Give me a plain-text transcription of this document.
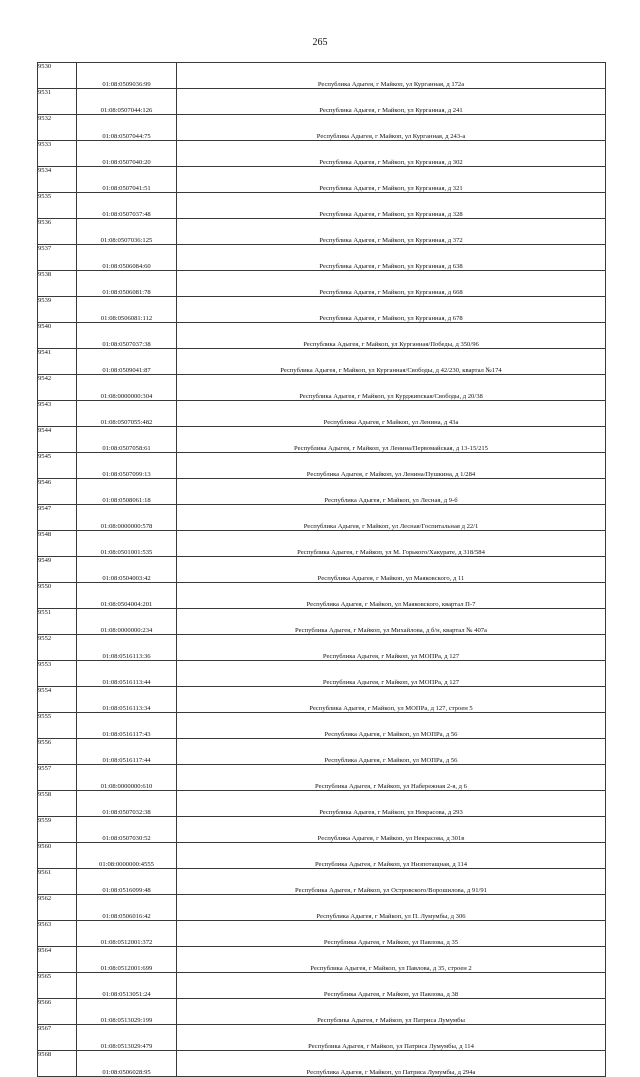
265
9530	01:08:0509036:99	Республика Адыгея, г Майкоп, ул Курганная, д 172а
9531	01:08:0507044:126	Республика Адыгея, г Майкоп, ул Курганная, д 241
9532	01:08:0507044:75	Республика Адыгея, г Майкоп, ул Курганная, д 243-а
9533	01:08:0507040:20	Республика Адыгея, г Майкоп, ул Курганная, д 302
9534	01:08:0507041:51	Республика Адыгея, г Майкоп, ул Курганная, д 321
9535	01:08:0507037:48	Республика Адыгея, г Майкоп, ул Курганная, д 328
9536	01:08:0507036:125	Республика Адыгея, г Майкоп, ул Курганная, д 372
9537	01:08:0506084:60	Республика Адыгея, г Майкоп, ул Курганная, д 638
9538	01:08:0506081:78	Республика Адыгея, г Майкоп, ул Курганная, д 668
9539	01:08:0506081:112	Республика Адыгея, г Майкоп, ул Курганная, д 678
9540	01:08:0507037:38	Республика Адыгея, г Майкоп, ул Курганная/Победы, д 350/96
9541	01:08:0509041:87	Республика Адыгея, г Майкоп, ул Курганная/Свободы, д 42/230, квартал №174
9542	01:08:0000000:304	Республика Адыгея, г Майкоп, ул Курджипская/Свободы, д 20/38
9543	01:08:0507055:482	Республика Адыгея, г Майкоп, ул Ленина, д 43а
9544	01:08:0507058:61	Республика Адыгея, г Майкоп, ул Ленина/Первомайская, д 13-15/215
9545	01:08:0507099:13	Республика Адыгея, г Майкоп, ул Ленина/Пушкина, д 1/284
9546	01:08:0508061:18	Республика Адыгея, г Майкоп, ул Лесная, д 9-б
9547	01:08:0000000:578	Республика Адыгея, г Майкоп, ул Лесная/Госпитальная д 22/1
9548	01:08:0501001:535	Республика Адыгея, г Майкоп, ул М. Горького/Хакурате, д 318/584
9549	01:08:0504003:42	Республика Адыгея, г Майкоп, ул Маяковского, д 11
9550	01:08:0504004:201	Республика Адыгея, г Майкоп, ул Маяковского, квартал П-7
9551	01:08:0000000:234	Республика Адыгея, г Майкоп, ул Михайлова, д б/н, квартал № 407а
9552	01:08:0516113:36	Республика Адыгея, г Майкоп, ул МОПРа, д 127
9553	01:08:0516113:44	Республика Адыгея, г Майкоп, ул МОПРа, д 127
9554	01:08:0516113:34	Республика Адыгея, г Майкоп, ул МОПРа, д 127, строен 5
9555	01:08:0516117:43	Республика Адыгея, г Майкоп, ул МОПРа, д 56
9556	01:08:0516117:44	Республика Адыгея, г Майкоп, ул МОПРа, д 56
9557	01:08:0000000:610	Республика Адыгея, г Майкоп, ул Набережная 2-я, д 6
9558	01:08:0507032:38	Республика Адыгея, г Майкоп, ул Некрасова, д 293
9559	01:08:0507030:52	Республика Адыгея, г Майкоп, ул Некрасова, д 301в
9560	01:08:0000000:4555	Республика Адыгея, г Майкоп, ул Низпотащная, д 114
9561	01:08:0516099:48	Республика Адыгея, г Майкоп, ул Островского/Ворошилова, д 91/91
9562	01:08:0506016:42	Республика Адыгея, г Майкоп, ул П. Лумумбы, д 306
9563	01:08:0512001:372	Республика Адыгея, г Майкоп, ул Павлова, д 35
9564	01:08:0512001:699	Республика Адыгея, г Майкоп, ул Павлова, д 35, строен 2
9565	01:08:0513051:24	Республика Адыгея, г Майкоп, ул Павлова, д 38
9566	01:08:0513029:199	Республика Адыгея, г Майкоп, ул Патриса Лумумбы
9567	01:08:0513029:479	Республика Адыгея, г Майкоп, ул Патриса Лумумбы, д 114
9568	01:08:0506028:95	Республика Адыгея, г Майкоп, ул Патриса Лумумбы, д 294а
